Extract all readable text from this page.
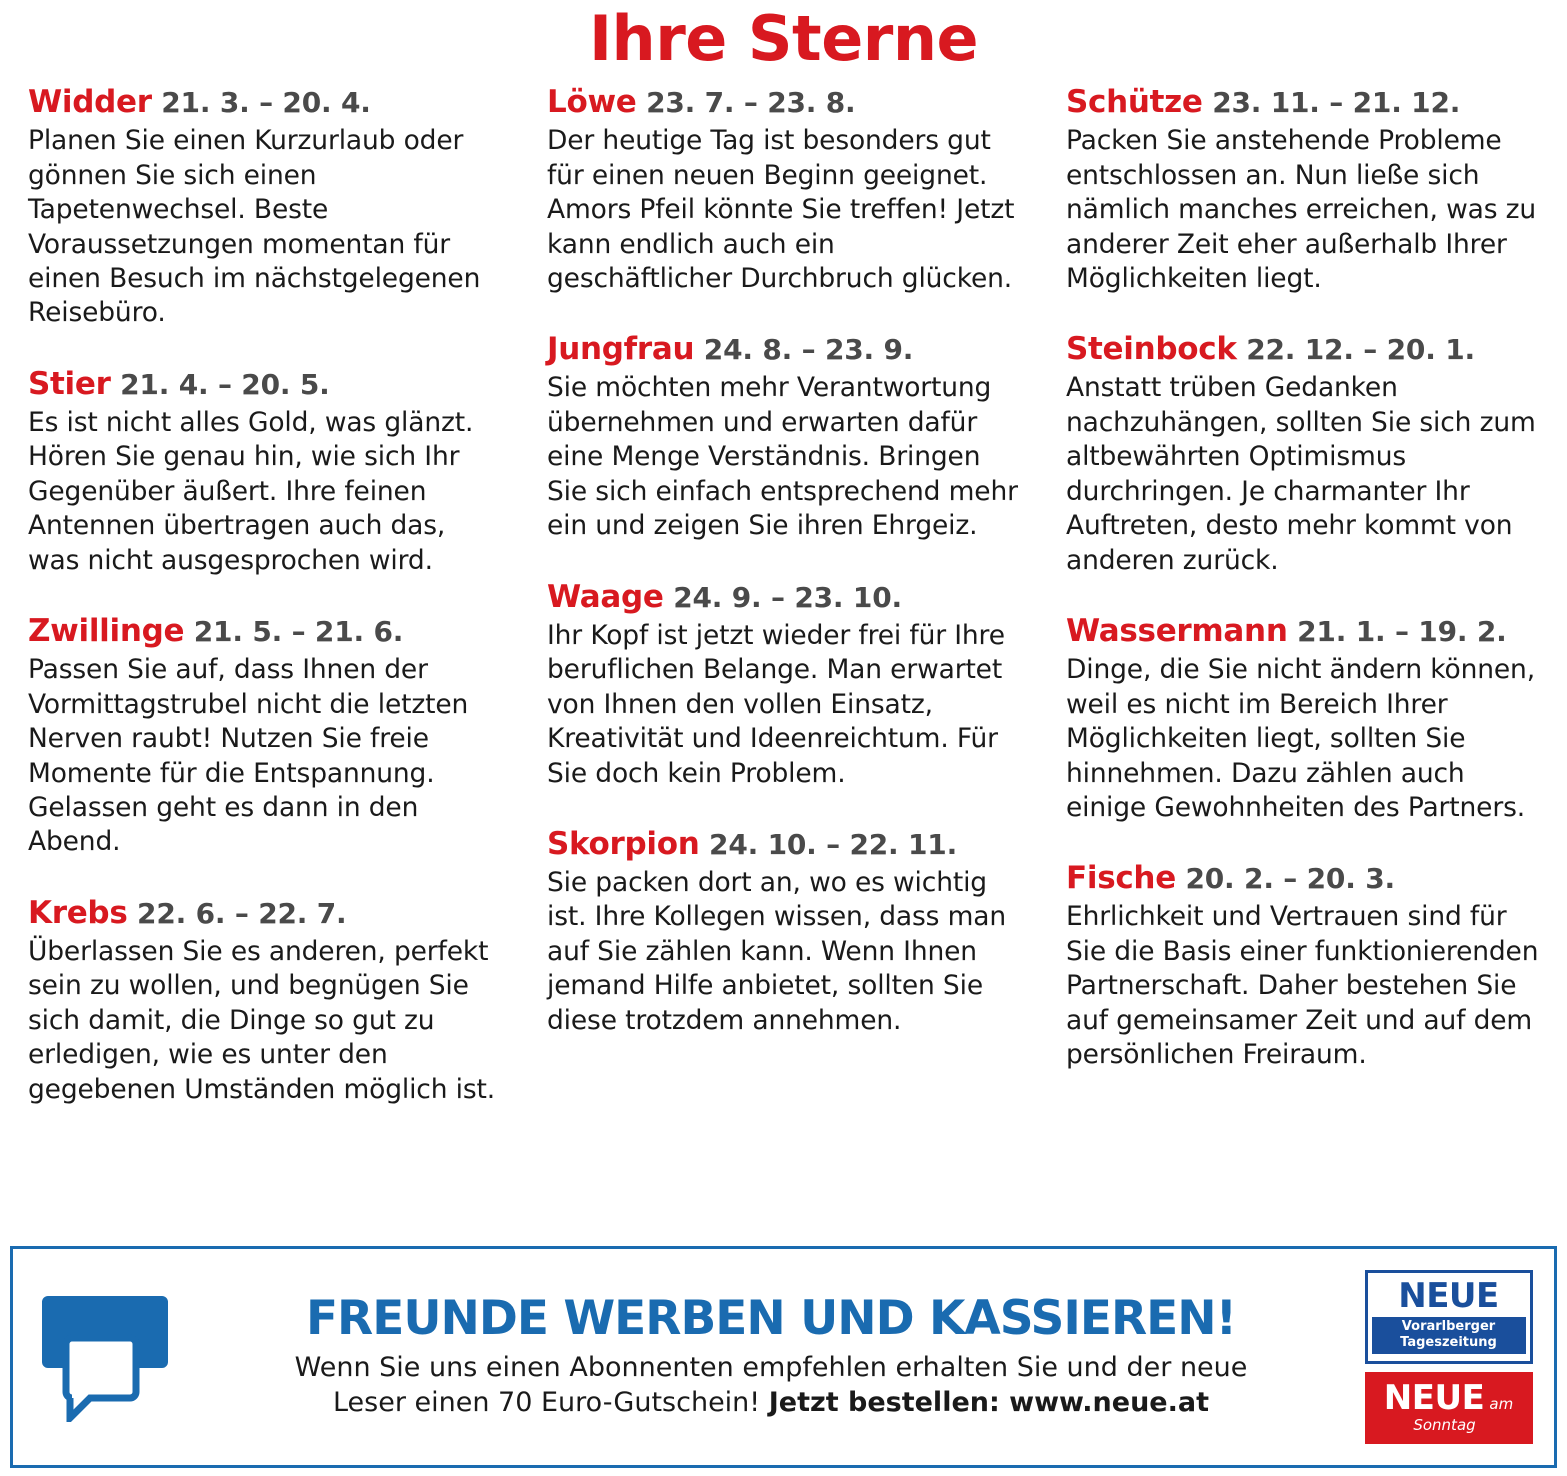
Ihre Sterne
Widder 21. 3. – 20. 4.
Planen Sie einen Kurzurlaub oder gönnen Sie sich einen Tapetenwechsel. Beste Voraussetzungen momentan für einen Besuch im nächstgelegenen Reisebüro.
Stier 21. 4. – 20. 5.
Es ist nicht alles Gold, was glänzt. Hören Sie genau hin, wie sich Ihr Gegenüber äußert. Ihre feinen Antennen übertragen auch das, was nicht ausgesprochen wird.
Zwillinge 21. 5. – 21. 6.
Passen Sie auf, dass Ihnen der Vormittagstrubel nicht die letzten Nerven raubt! Nutzen Sie freie Momente für die Entspannung. Gelassen geht es dann in den Abend.
Krebs 22. 6. – 22. 7.
Überlassen Sie es anderen, perfekt sein zu wollen, und begnügen Sie sich damit, die Dinge so gut zu erledigen, wie es unter den gegebenen Umständen möglich ist.
Löwe 23. 7. – 23. 8.
Der heutige Tag ist besonders gut für einen neuen Beginn geeignet. Amors Pfeil könnte Sie treffen! Jetzt kann endlich auch ein geschäftlicher Durchbruch glücken.
Jungfrau 24. 8. – 23. 9.
Sie möchten mehr Verantwortung übernehmen und erwarten dafür eine Menge Verständnis. Bringen Sie sich einfach entsprechend mehr ein und zeigen Sie ihren Ehrgeiz.
Waage 24. 9. – 23. 10.
Ihr Kopf ist jetzt wieder frei für Ihre beruflichen Belange. Man erwartet von Ihnen den vollen Einsatz, Kreativität und Ideenreichtum. Für Sie doch kein Problem.
Skorpion 24. 10. – 22. 11.
Sie packen dort an, wo es wichtig ist. Ihre Kollegen wissen, dass man auf Sie zählen kann. Wenn Ihnen jemand Hilfe anbietet, sollten Sie diese trotzdem annehmen.
Schütze 23. 11. – 21. 12.
Packen Sie anstehende Probleme entschlossen an. Nun ließe sich nämlich manches erreichen, was zu anderer Zeit eher außerhalb Ihrer Möglichkeiten liegt.
Steinbock 22. 12. – 20. 1.
Anstatt trüben Gedanken nachzuhängen, sollten Sie sich zum altbewährten Optimismus durchringen. Je charmanter Ihr Auftreten, desto mehr kommt von anderen zurück.
Wassermann 21. 1. – 19. 2.
Dinge, die Sie nicht ändern können, weil es nicht im Bereich Ihrer Möglichkeiten liegt, sollten Sie hinnehmen. Dazu zählen auch einige Gewohnheiten des Partners.
Fische 20. 2. – 20. 3.
Ehrlichkeit und Vertrauen sind für Sie die Basis einer funktionierenden Partnerschaft. Daher bestehen Sie auf gemeinsamer Zeit und auf dem persönlichen Freiraum.
FREUNDE WERBEN UND KASSIEREN!
Wenn Sie uns einen Abonnenten empfehlen erhalten Sie und der neue
Leser einen 70 Euro-Gutschein! Jetzt bestellen: www.neue.at
NEUE
Vorarlberger Tageszeitung
NEUE am Sonntag
